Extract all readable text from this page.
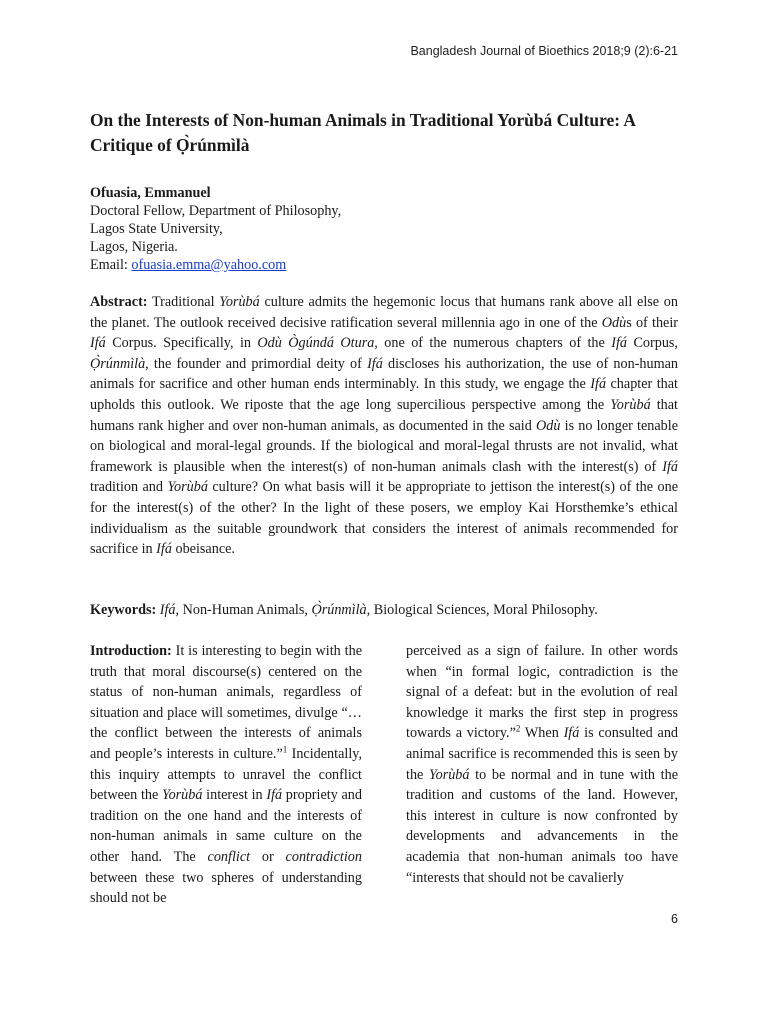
Bangladesh Journal of Bioethics 2018;9 (2):6-21
On the Interests of Non-human Animals in Traditional Yorùbá Culture: A Critique of Ọ̀rúnmìlà
Ofuasia, Emmanuel
Doctoral Fellow, Department of Philosophy,
Lagos State University,
Lagos, Nigeria.
Email: ofuasia.emma@yahoo.com

Abstract: Traditional Yorùbá culture admits the hegemonic locus that humans rank above all else on the planet. The outlook received decisive ratification several millennia ago in one of the Odùs of their Ifá Corpus. Specifically, in Odù Ògúndá Otura, one of the numerous chapters of the Ifá Corpus, Ọ̀rúnmìlà, the founder and primordial deity of Ifá discloses his authorization, the use of non-human animals for sacrifice and other human ends interminably. In this study, we engage the Ifá chapter that upholds this outlook. We riposte that the age long supercilious perspective among the Yorùbá that humans rank higher and over non-human animals, as documented in the said Odù is no longer tenable on biological and moral-legal grounds. If the biological and moral-legal thrusts are not invalid, what framework is plausible when the interest(s) of non-human animals clash with the interest(s) of Ifá tradition and Yorùbá culture? On what basis will it be appropriate to jettison the interest(s) of the one for the interest(s) of the other? In the light of these posers, we employ Kai Horsthemke’s ethical individualism as the suitable groundwork that considers the interest of animals recommended for sacrifice in Ifá obeisance.

Keywords: Ifá, Non-Human Animals, Ọ̀rúnmìlà, Biological Sciences, Moral Philosophy.

Introduction: It is interesting to begin with the truth that moral discourse(s) centered on the status of non-human animals, regardless of situation and place will sometimes, divulge “…the conflict between the interests of animals and people’s interests in culture.”$^1$ Incidentally, this inquiry attempts to unravel the conflict between the Yorùbá interest in Ifá propriety and tradition on the one hand and the interests of non-human animals in same culture on the other hand. The conflict or contradiction between these two spheres of understanding should not be

perceived as a sign of failure. In other words when “in formal logic, contradiction is the signal of a defeat: but in the evolution of real knowledge it marks the first step in progress towards a victory.”$^2$ When Ifá is consulted and animal sacrifice is recommended this is seen by the Yorùbá to be normal and in tune with the tradition and customs of the land. However, this interest in culture is now confronted by developments and advancements in the academia that non-human animals too have “interests that should not be cavalierly

6
